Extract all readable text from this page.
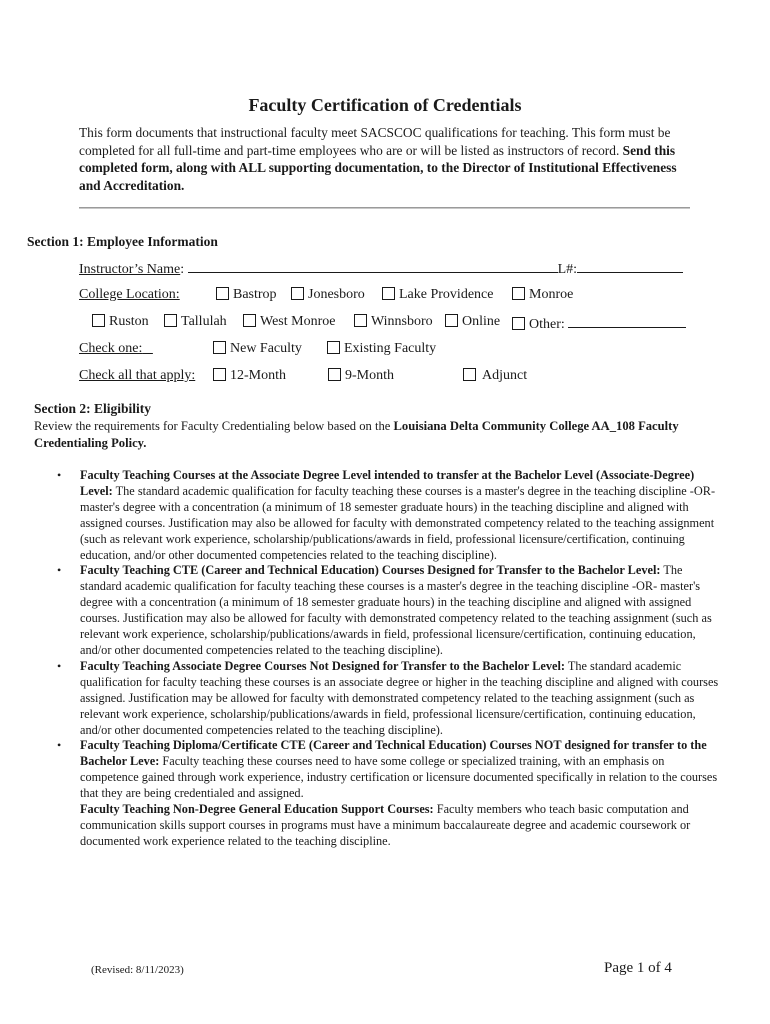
Faculty Certification of Credentials
This form documents that instructional faculty meet SACSCOC qualifications for teaching. This form must be completed for all full-time and part-time employees who are or will be listed as instructors of record. Send this completed form, along with ALL supporting documentation, to the Director of Institutional Effectiveness and Accreditation.
Section 1: Employee Information
Instructor’s Name:	L#:
College Location:	Bastrop	Jonesboro	Lake Providence	Monroe
Ruston	Tallulah	West Monroe	Winnsboro	Online	Other:
Check one:	New Faculty	Existing Faculty
Check all that apply:	12-Month	9-Month	Adjunct
Section 2: Eligibility
Review the requirements for Faculty Credentialing below based on the Louisiana Delta Community College AA_108 Faculty Credentialing Policy.
• Faculty Teaching Courses at the Associate Degree Level intended to transfer at the Bachelor Level (Associate-Degree) Level: The standard academic qualification for faculty teaching these courses is a master's degree in the teaching discipline -OR- master's degree with a concentration (a minimum of 18 semester graduate hours) in the teaching discipline and aligned with assigned courses. Justification may also be allowed for faculty with demonstrated competency related to the teaching assignment (such as relevant work experience, scholarship/publications/awards in field, professional licensure/certification, continuing education, and/or other documented competencies related to the teaching discipline).
• Faculty Teaching CTE (Career and Technical Education) Courses Designed for Transfer to the Bachelor Level: The standard academic qualification for faculty teaching these courses is a master's degree in the teaching discipline -OR- master's degree with a concentration (a minimum of 18 semester graduate hours) in the teaching discipline and aligned with assigned courses. Justification may also be allowed for faculty with demonstrated competency related to the teaching assignment (such as relevant work experience, scholarship/publications/awards in field, professional licensure/certification, continuing education, and/or other documented competencies related to the teaching discipline).
• Faculty Teaching Associate Degree Courses Not Designed for Transfer to the Bachelor Level: The standard academic qualification for faculty teaching these courses is an associate degree or higher in the teaching discipline and aligned with courses assigned. Justification may be allowed for faculty with demonstrated competency related to the teaching assignment (such as relevant work experience, scholarship/publications/awards in field, professional licensure/certification, continuing education, and/or other documented competencies related to the teaching discipline).
• Faculty Teaching Diploma/Certificate CTE (Career and Technical Education) Courses NOT designed for transfer to the Bachelor Leve: Faculty teaching these courses need to have some college or specialized training, with an emphasis on competence gained through work experience, industry certification or licensure documented specifically in relation to the courses that they are being credentialed and assigned.
Faculty Teaching Non-Degree General Education Support Courses: Faculty members who teach basic computation and communication skills support courses in programs must have a minimum baccalaureate degree and academic coursework or documented work experience related to the teaching discipline.
(Revised: 8/11/2023)	Page 1 of 4
